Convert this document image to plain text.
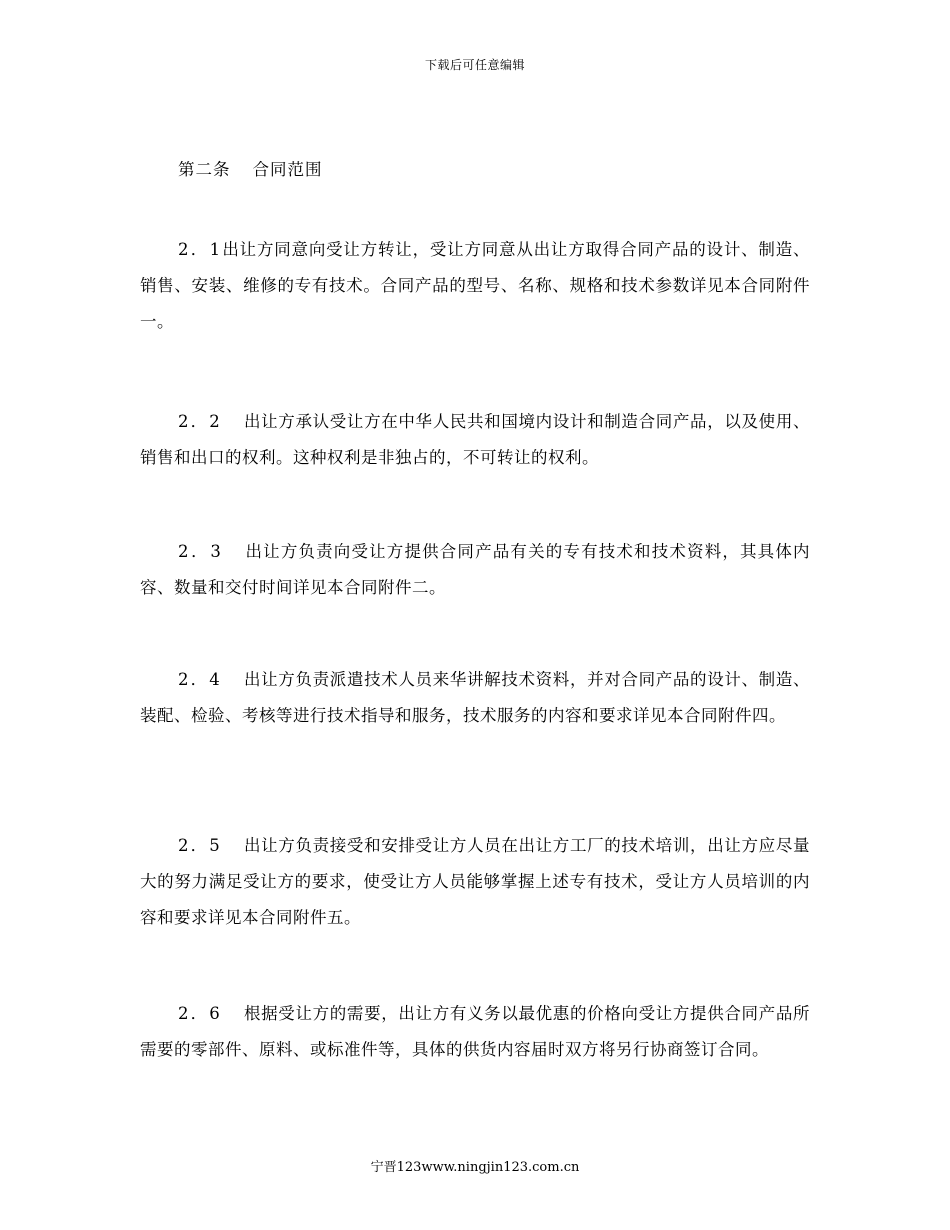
下载后可任意编辑
第二条 合同范围

2．1出让方同意向受让方转让，受让方同意从出让方取得合同产品的设计、制造、销售、安装、维修的专有技术。合同产品的型号、名称、规格和技术参数详见本合同附件一。

2．2 出让方承认受让方在中华人民共和国境内设计和制造合同产品，以及使用、销售和出口的权利。这种权利是非独占的，不可转让的权利。

2．3 出让方负责向受让方提供合同产品有关的专有技术和技术资料，其具体内容、数量和交付时间详见本合同附件二。

2．4 出让方负责派遣技术人员来华讲解技术资料，并对合同产品的设计、制造、装配、检验、考核等进行技术指导和服务，技术服务的内容和要求详见本合同附件四。

2．5 出让方负责接受和安排受让方人员在出让方工厂的技术培训，出让方应尽量大的努力满足受让方的要求，使受让方人员能够掌握上述专有技术，受让方人员培训的内容和要求详见本合同附件五。

2．6 根据受让方的需要，出让方有义务以最优惠的价格向受让方提供合同产品所需要的零部件、原料、或标准件等，具体的供货内容届时双方将另行协商签订合同。

宁晋123www.ningjin123.com.cn
